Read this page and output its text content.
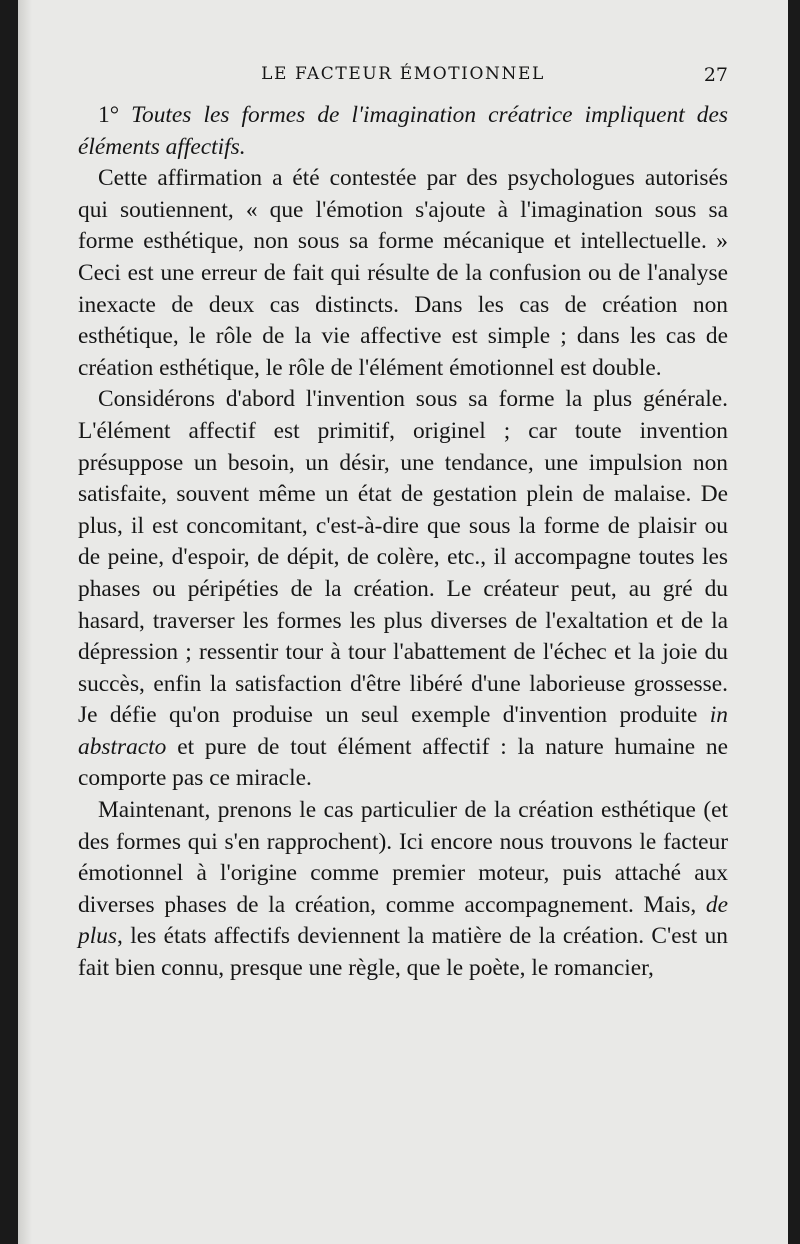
LE FACTEUR ÉMOTIONNEL	27

1° Toutes les formes de l'imagination créatrice impliquent des éléments affectifs.

Cette affirmation a été contestée par des psychologues autorisés qui soutiennent, « que l'émotion s'ajoute à l'imagination sous sa forme esthétique, non sous sa forme mécanique et intellectuelle. » Ceci est une erreur de fait qui résulte de la confusion ou de l'analyse inexacte de deux cas distincts. Dans les cas de création non esthétique, le rôle de la vie affective est simple ; dans les cas de création esthétique, le rôle de l'élément émotionnel est double.

Considérons d'abord l'invention sous sa forme la plus générale. L'élément affectif est primitif, originel ; car toute invention présuppose un besoin, un désir, une tendance, une impulsion non satisfaite, souvent même un état de gestation plein de malaise. De plus, il est concomitant, c'est-à-dire que sous la forme de plaisir ou de peine, d'espoir, de dépit, de colère, etc., il accompagne toutes les phases ou péripéties de la création. Le créateur peut, au gré du hasard, traverser les formes les plus diverses de l'exaltation et de la dépression ; ressentir tour à tour l'abattement de l'échec et la joie du succès, enfin la satisfaction d'être libéré d'une laborieuse grossesse. Je défie qu'on produise un seul exemple d'invention produite in abstracto et pure de tout élément affectif : la nature humaine ne comporte pas ce miracle.

Maintenant, prenons le cas particulier de la création esthétique (et des formes qui s'en rapprochent). Ici encore nous trouvons le facteur émotionnel à l'origine comme premier moteur, puis attaché aux diverses phases de la création, comme accompagnement. Mais, de plus, les états affectifs deviennent la matière de la création. C'est un fait bien connu, presque une règle, que le poète, le romancier,
